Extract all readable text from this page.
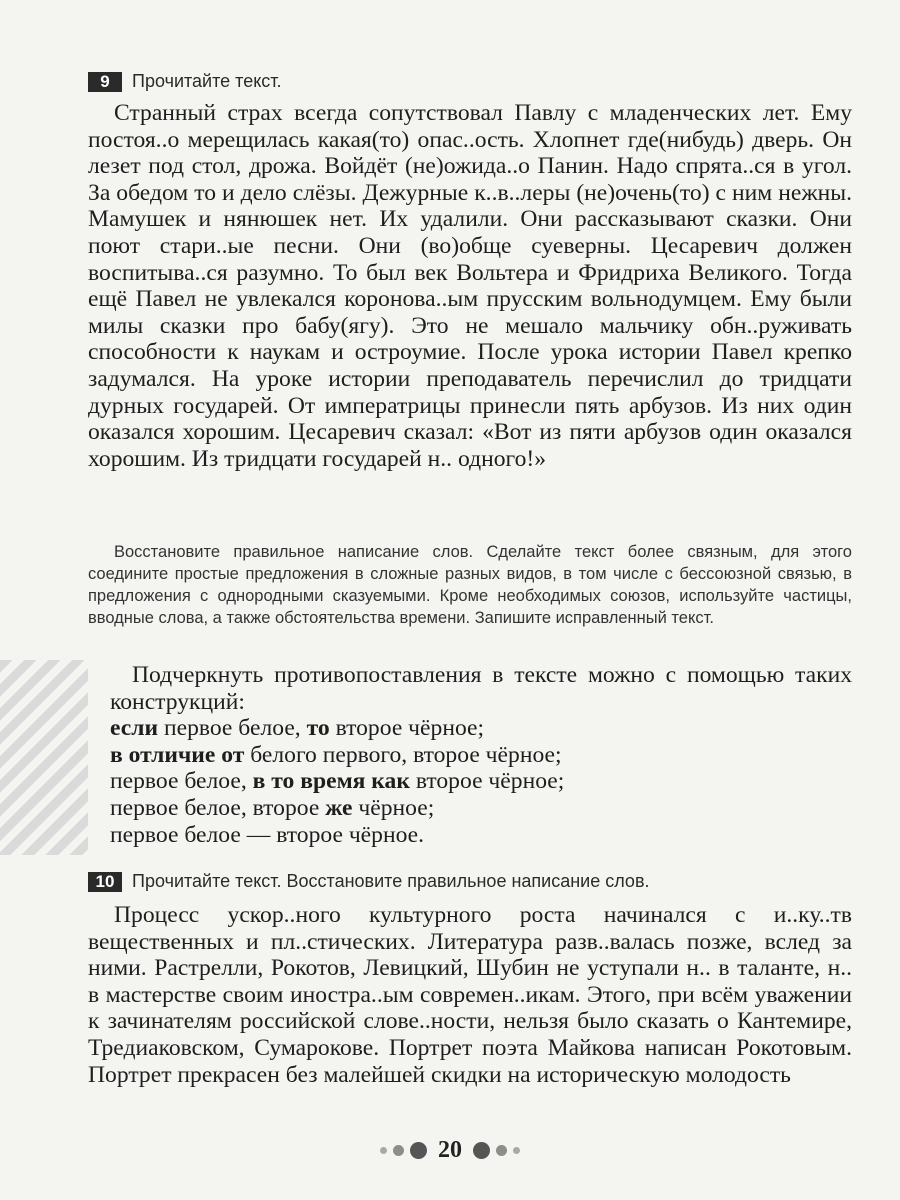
9	Прочитайте текст.

Странный страх всегда сопутствовал Павлу с младенческих лет. Ему постоя..о мерещилась какая(то) опас..ость. Хлопнет где(нибудь) дверь. Он лезет под стол, дрожа. Войдёт (не)ожида..о Панин. Надо спрята..ся в угол. За обедом то и дело слёзы. Дежурные к..в..леры (не)очень(то) с ним нежны. Мамушек и нянюшек нет. Их удалили. Они рассказывают сказки. Они поют стари..ые песни. Они (во)обще суеверны. Цесаревич должен воспитыва..ся разумно. То был век Вольтера и Фридриха Великого. Тогда ещё Павел не увлекался коронова..ым прусским вольнодумцем. Ему были милы сказки про бабу(ягу). Это не мешало мальчику обн..руживать способности к наукам и остроумие. После урока истории Павел крепко задумался. На уроке истории преподаватель перечислил до тридцати дурных государей. От императрицы принесли пять арбузов. Из них один оказался хорошим. Цесаревич сказал: «Вот из пяти арбузов один оказался хорошим. Из тридцати государей н.. одного!»

Восстановите правильное написание слов. Сделайте текст более связным, для этого соедините простые предложения в сложные разных видов, в том числе с бессоюзной связью, в предложения с однородными сказуемыми. Кроме необходимых союзов, используйте частицы, вводные слова, а также обстоятельства времени. Запишите исправленный текст.

Подчеркнуть противопоставления в тексте можно с помощью таких конструкций:

если первое белое, то второе чёрное;

в отличие от белого первого, второе чёрное;

первое белое, в то время как второе чёрное;

первое белое, второе же чёрное;

первое белое — второе чёрное.

10 Прочитайте текст. Восстановите правильное написание слов.

Процесс ускор..ного культурного роста начинался с и..ку..тв вещественных и пл..стических. Литература разв..валась позже, вслед за ними. Растрелли, Рокотов, Левицкий, Шубин не уступали н.. в таланте, н.. в мастерстве своим иностра..ым современ..икам. Этого, при всём уважении к зачинателям российской слове..ности, нельзя было сказать о Кантемире, Тредиаковском, Сумарокове. Портрет поэта Майкова написан Рокотовым. Портрет прекрасен без малейшей скидки на историческую молодость

20
